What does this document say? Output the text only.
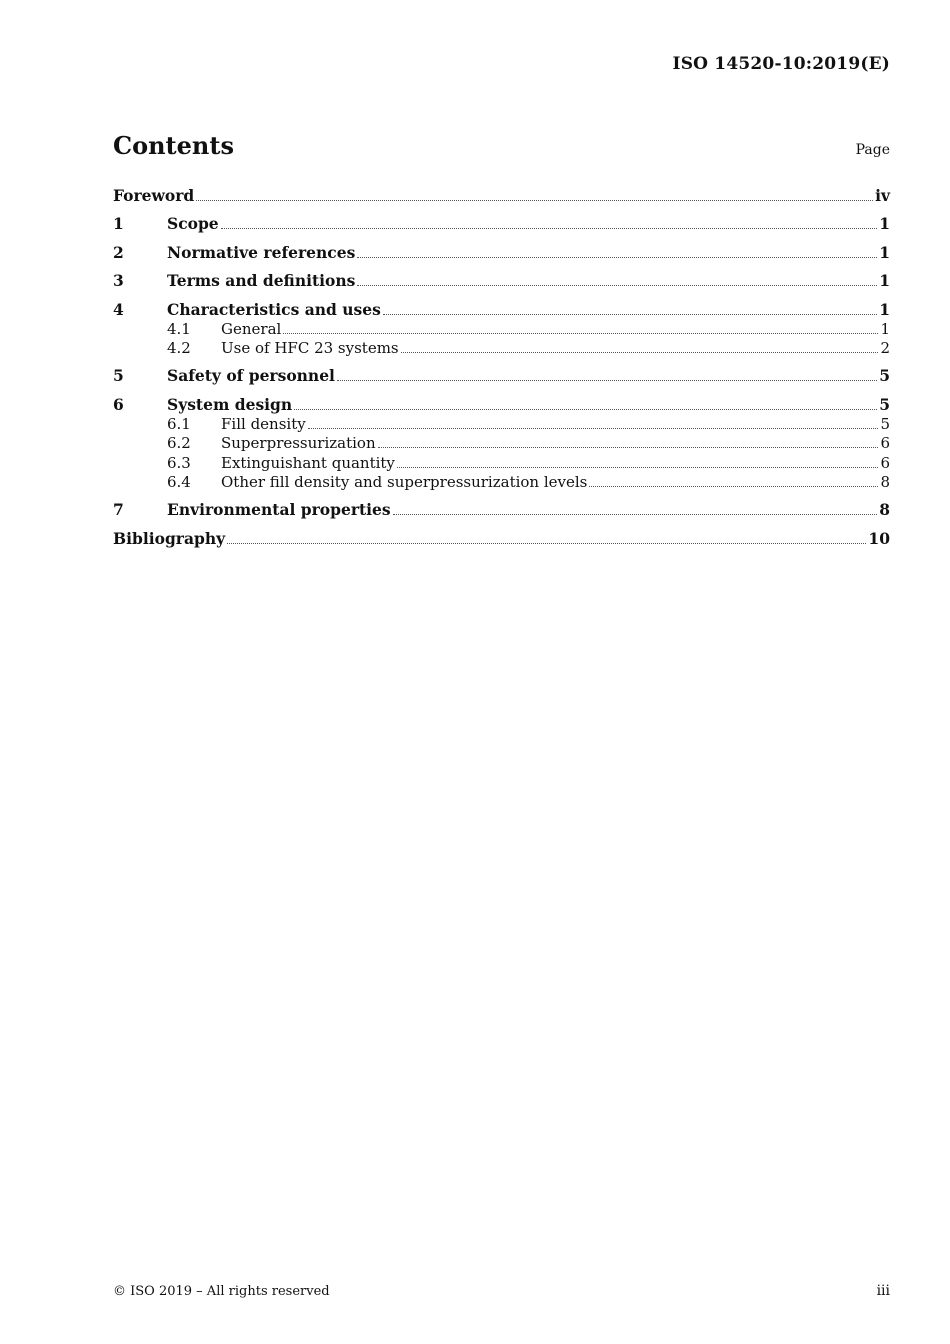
ISO 14520-10:2019(E)
Contents	Page
Foreword	iv
1	Scope	1
2	Normative references	1
3	Terms and definitions	1
4	Characteristics and uses	1
4.1	General	1
4.2	Use of HFC 23 systems	2
5	Safety of personnel	5
6	System design	5
6.1	Fill density	5
6.2	Superpressurization	6
6.3	Extinguishant quantity	6
6.4	Other fill density and superpressurization levels	8
7	Environmental properties	8
Bibliography	10
© ISO 2019 – All rights reserved	iii
